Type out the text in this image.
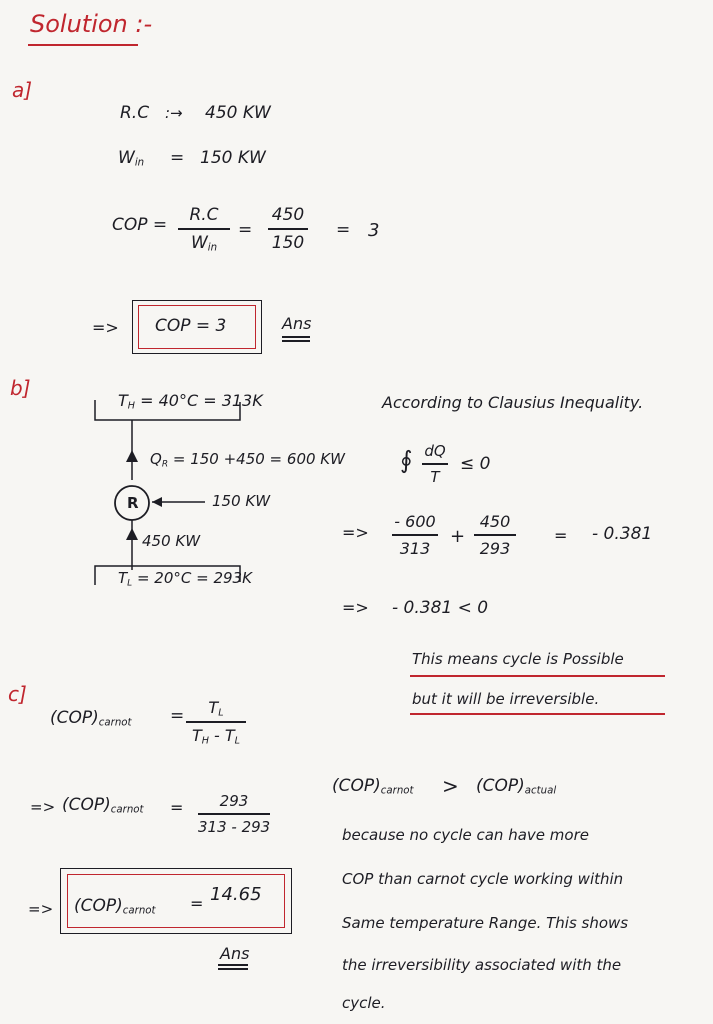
Solution :-
a]
R.C :→ 450 KW
$W_{in} = 150$ KW
COP =	R.C
$W_{in}$
=
450
150
= 3
=> COP = 3	Ans
b]
$T_H = 40^\circ C = 313K$
$Q_R = 150 +450 = 600$ KW
R	150 KW
450 KW
$T_L = 20^\circ C = 293K$
According to Clausius Inequality.
∮ dQ
T
≤ 0
=>
- 600
313
+
450
293
= - 0.381
=> - 0.381 < 0
This means cycle is Possible
but it will be irreversible.
c]
$(COP)_{carnot}$ =	$T_L$
$T_H - T_L$
=> $(COP)_{carnot}$ =	293
313 - 293
=> $(COP)_{carnot} = 14.65$
Ans
$(COP)_{carnot} > (COP)_{actual}$
because no cycle can have more
COP than carnot cycle working within
Same temperature Range. This shows
the irreversibility associated with the
cycle.
